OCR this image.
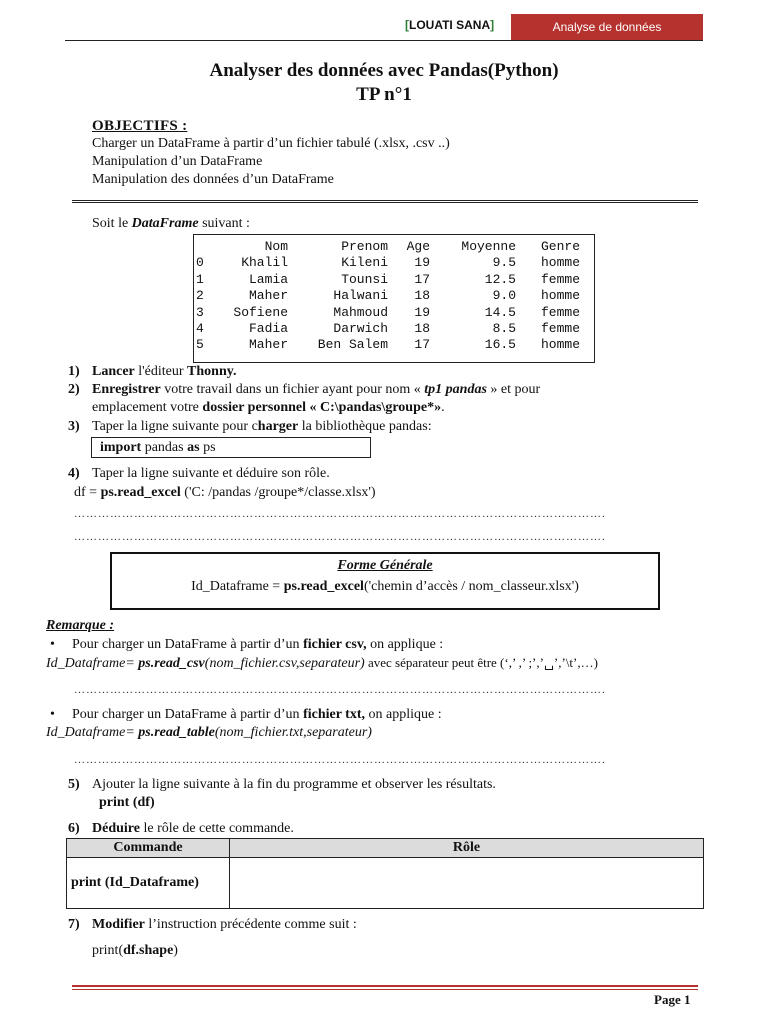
[LOUATI SANA]	Analyse de données
Analyser des données avec Pandas(Python)
TP n°1
OBJECTIFS :
Charger un DataFrame à partir d’un fichier tabulé (.xlsx, .csv ..)
Manipulation d’un DataFrame
Manipulation des données d’un DataFrame
Soit le DataFrame suivant :
	Nom	Prenom	Age	Moyenne	Genre
0	Khalil	Kileni	19	9.5	homme
1	Lamia	Tounsi	17	12.5	femme
2	Maher	Halwani	18	9.0	homme
3	Sofiene	Mahmoud	19	14.5	femme
4	Fadia	Darwich	18	8.5	femme
5	Maher	Ben Salem	17	16.5	homme
1) Lancer l'éditeur Thonny.
2) Enregistrer votre travail dans un fichier ayant pour nom « tp1 pandas » et pour
emplacement votre dossier personnel « C:\pandas\groupe*».
3) Taper la ligne suivante pour charger la bibliothèque pandas:
import pandas as ps
4) Taper la ligne suivante et déduire son rôle.
df = ps.read_excel ('C: /pandas /groupe*/classe.xlsx')
…………………………………………………………………………………………………………………….
…………………………………………………………………………………………………………………….
Forme Générale
Id_Dataframe = ps.read_excel('chemin d’accès / nom_classeur.xlsx')
Remarque :
• Pour charger un DataFrame à partir d’un fichier csv, on applique :
Id_Dataframe= ps.read_csv(nom_fichier.csv,separateur) avec séparateur peut être (‘,’ ,’ ;’,’␣’,’\t’,…)
…………………………………………………………………………………………………………………….
• Pour charger un DataFrame à partir d’un fichier txt, on applique :
Id_Dataframe= ps.read_table(nom_fichier.txt,separateur)
…………………………………………………………………………………………………………………….
5) Ajouter la ligne suivante à la fin du programme et observer les résultats.
print (df)
6) Déduire le rôle de cette commande.
Commande	Rôle
print (Id_Dataframe)	
7) Modifier l’instruction précédente comme suit :
print(df.shape)
Page 1
